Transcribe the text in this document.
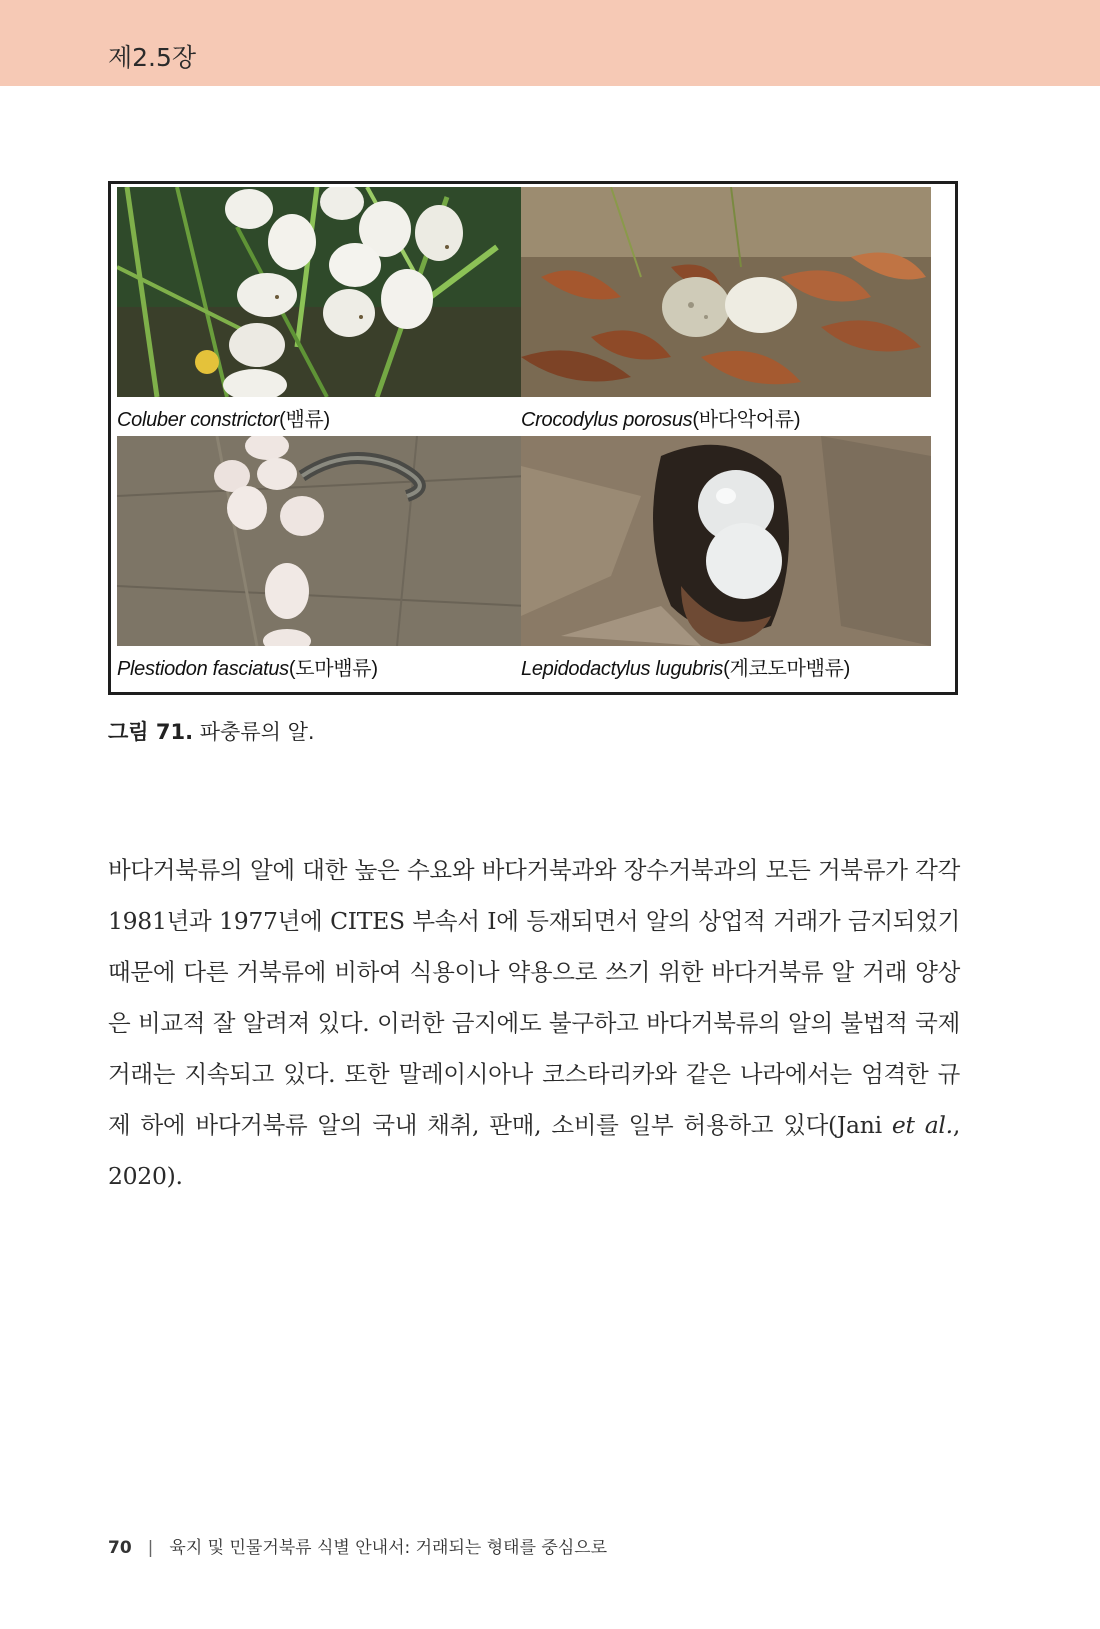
제2.5장
Coluber constrictor(뱀류)	Crocodylus porosus(바다악어류)
Plestiodon fasciatus(도마뱀류)	Lepidodactylus lugubris(게코도마뱀류)
그림 71. 파충류의 알.
바다거북류의 알에 대한 높은 수요와 바다거북과와 장수거북과의 모든 거북류가 각각 1981년과 1977년에 CITES 부속서 I에 등재되면서 알의 상업적 거래가 금지되었기 때문에 다른 거북류에 비하여 식용이나 약용으로 쓰기 위한 바다거북류 알 거래 양상은 비교적 잘 알려져 있다. 이러한 금지에도 불구하고 바다거북류의 알의 불법적 국제 거래는 지속되고 있다. 또한 말레이시아나 코스타리카와 같은 나라에서는 엄격한 규제 하에 바다거북류 알의 국내 채취, 판매, 소비를 일부 허용하고 있다(Jani et al., 2020).
70 | 육지 및 민물거북류 식별 안내서: 거래되는 형태를 중심으로
